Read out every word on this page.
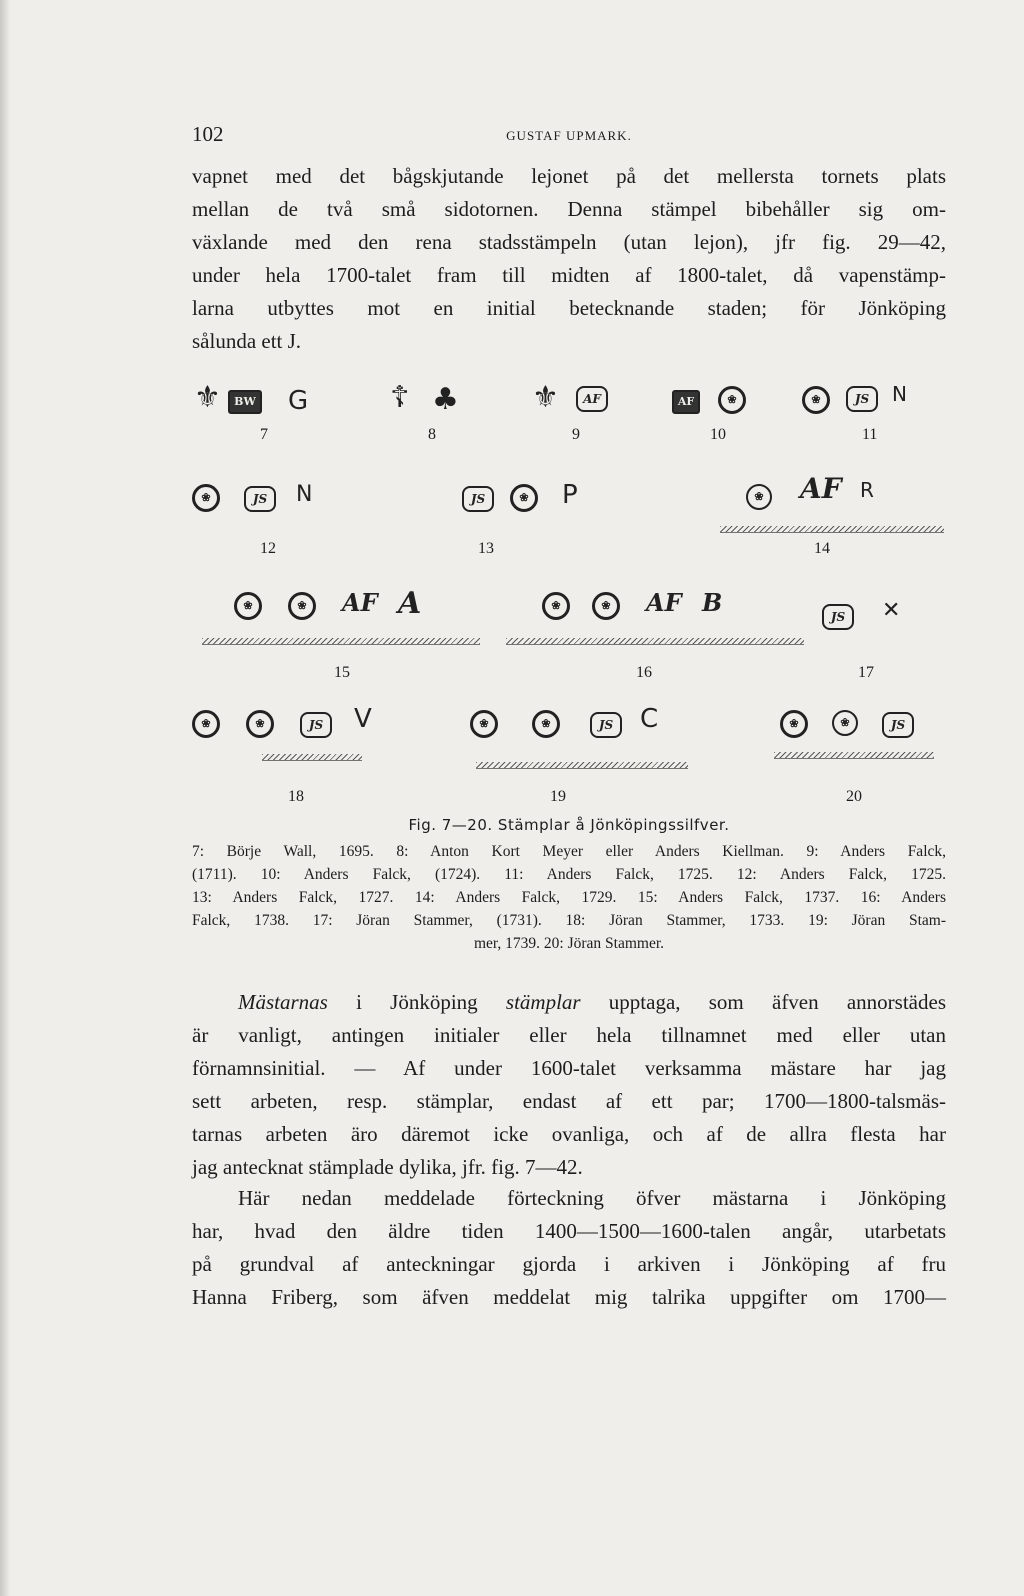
102	GUSTAF UPMARK.

vapnet med det bågskjutande lejonet på det mellersta tornets plats
mellan de två små sidotornen. Denna stämpel bibehåller sig om-
växlande med den rena stadsstämpeln (utan lejon), jfr fig. 29—42,
under hela 1700-talet fram till midten af 1800-talet, då vapenstämp-
larna utbyttes mot en initial betecknande staden; för Jönköping
sålunda ett J.

⚜	BW G	☦ ♣ ⚜	AF	AF	❀	❀	JS	N
7	8	9	10	11
❀	JS	N	JS	❀	P	❀ AF R
12	13	14
❀	❀	AF A	❀	❀	AF B	JS	✕
15	16	17
❀	❀	JS	V	❀	❀	JS	C	❀	❀	JS
18	19	20
Fig. 7—20. Stämplar å Jönköpingssilfver.

7: Börje Wall, 1695. 8: Anton Kort Meyer eller Anders Kiellman. 9: Anders Falck,
(1711). 10: Anders Falck, (1724). 11: Anders Falck, 1725. 12: Anders Falck, 1725.
13: Anders Falck, 1727. 14: Anders Falck, 1729. 15: Anders Falck, 1737. 16: Anders
Falck, 1738. 17: Jöran Stammer, (1731). 18: Jöran Stammer, 1733. 19: Jöran Stam-
mer, 1739. 20: Jöran Stammer.

Mästarnas i Jönköping stämplar upptaga, som äfven annorstädes
är vanligt, antingen initialer eller hela tillnamnet med eller utan
förnamnsinitial. — Af under 1600-talet verksamma mästare har jag
sett arbeten, resp. stämplar, endast af ett par; 1700—1800-talsmäs-
tarnas arbeten äro däremot icke ovanliga, och af de allra flesta har
jag antecknat stämplade dylika, jfr. fig. 7—42.

Här nedan meddelade förteckning öfver mästarna i Jönköping
har, hvad den äldre tiden 1400—1500—1600-talen angår, utarbetats
på grundval af anteckningar gjorda i arkiven i Jönköping af fru
Hanna Friberg, som äfven meddelat mig talrika uppgifter om 1700—
